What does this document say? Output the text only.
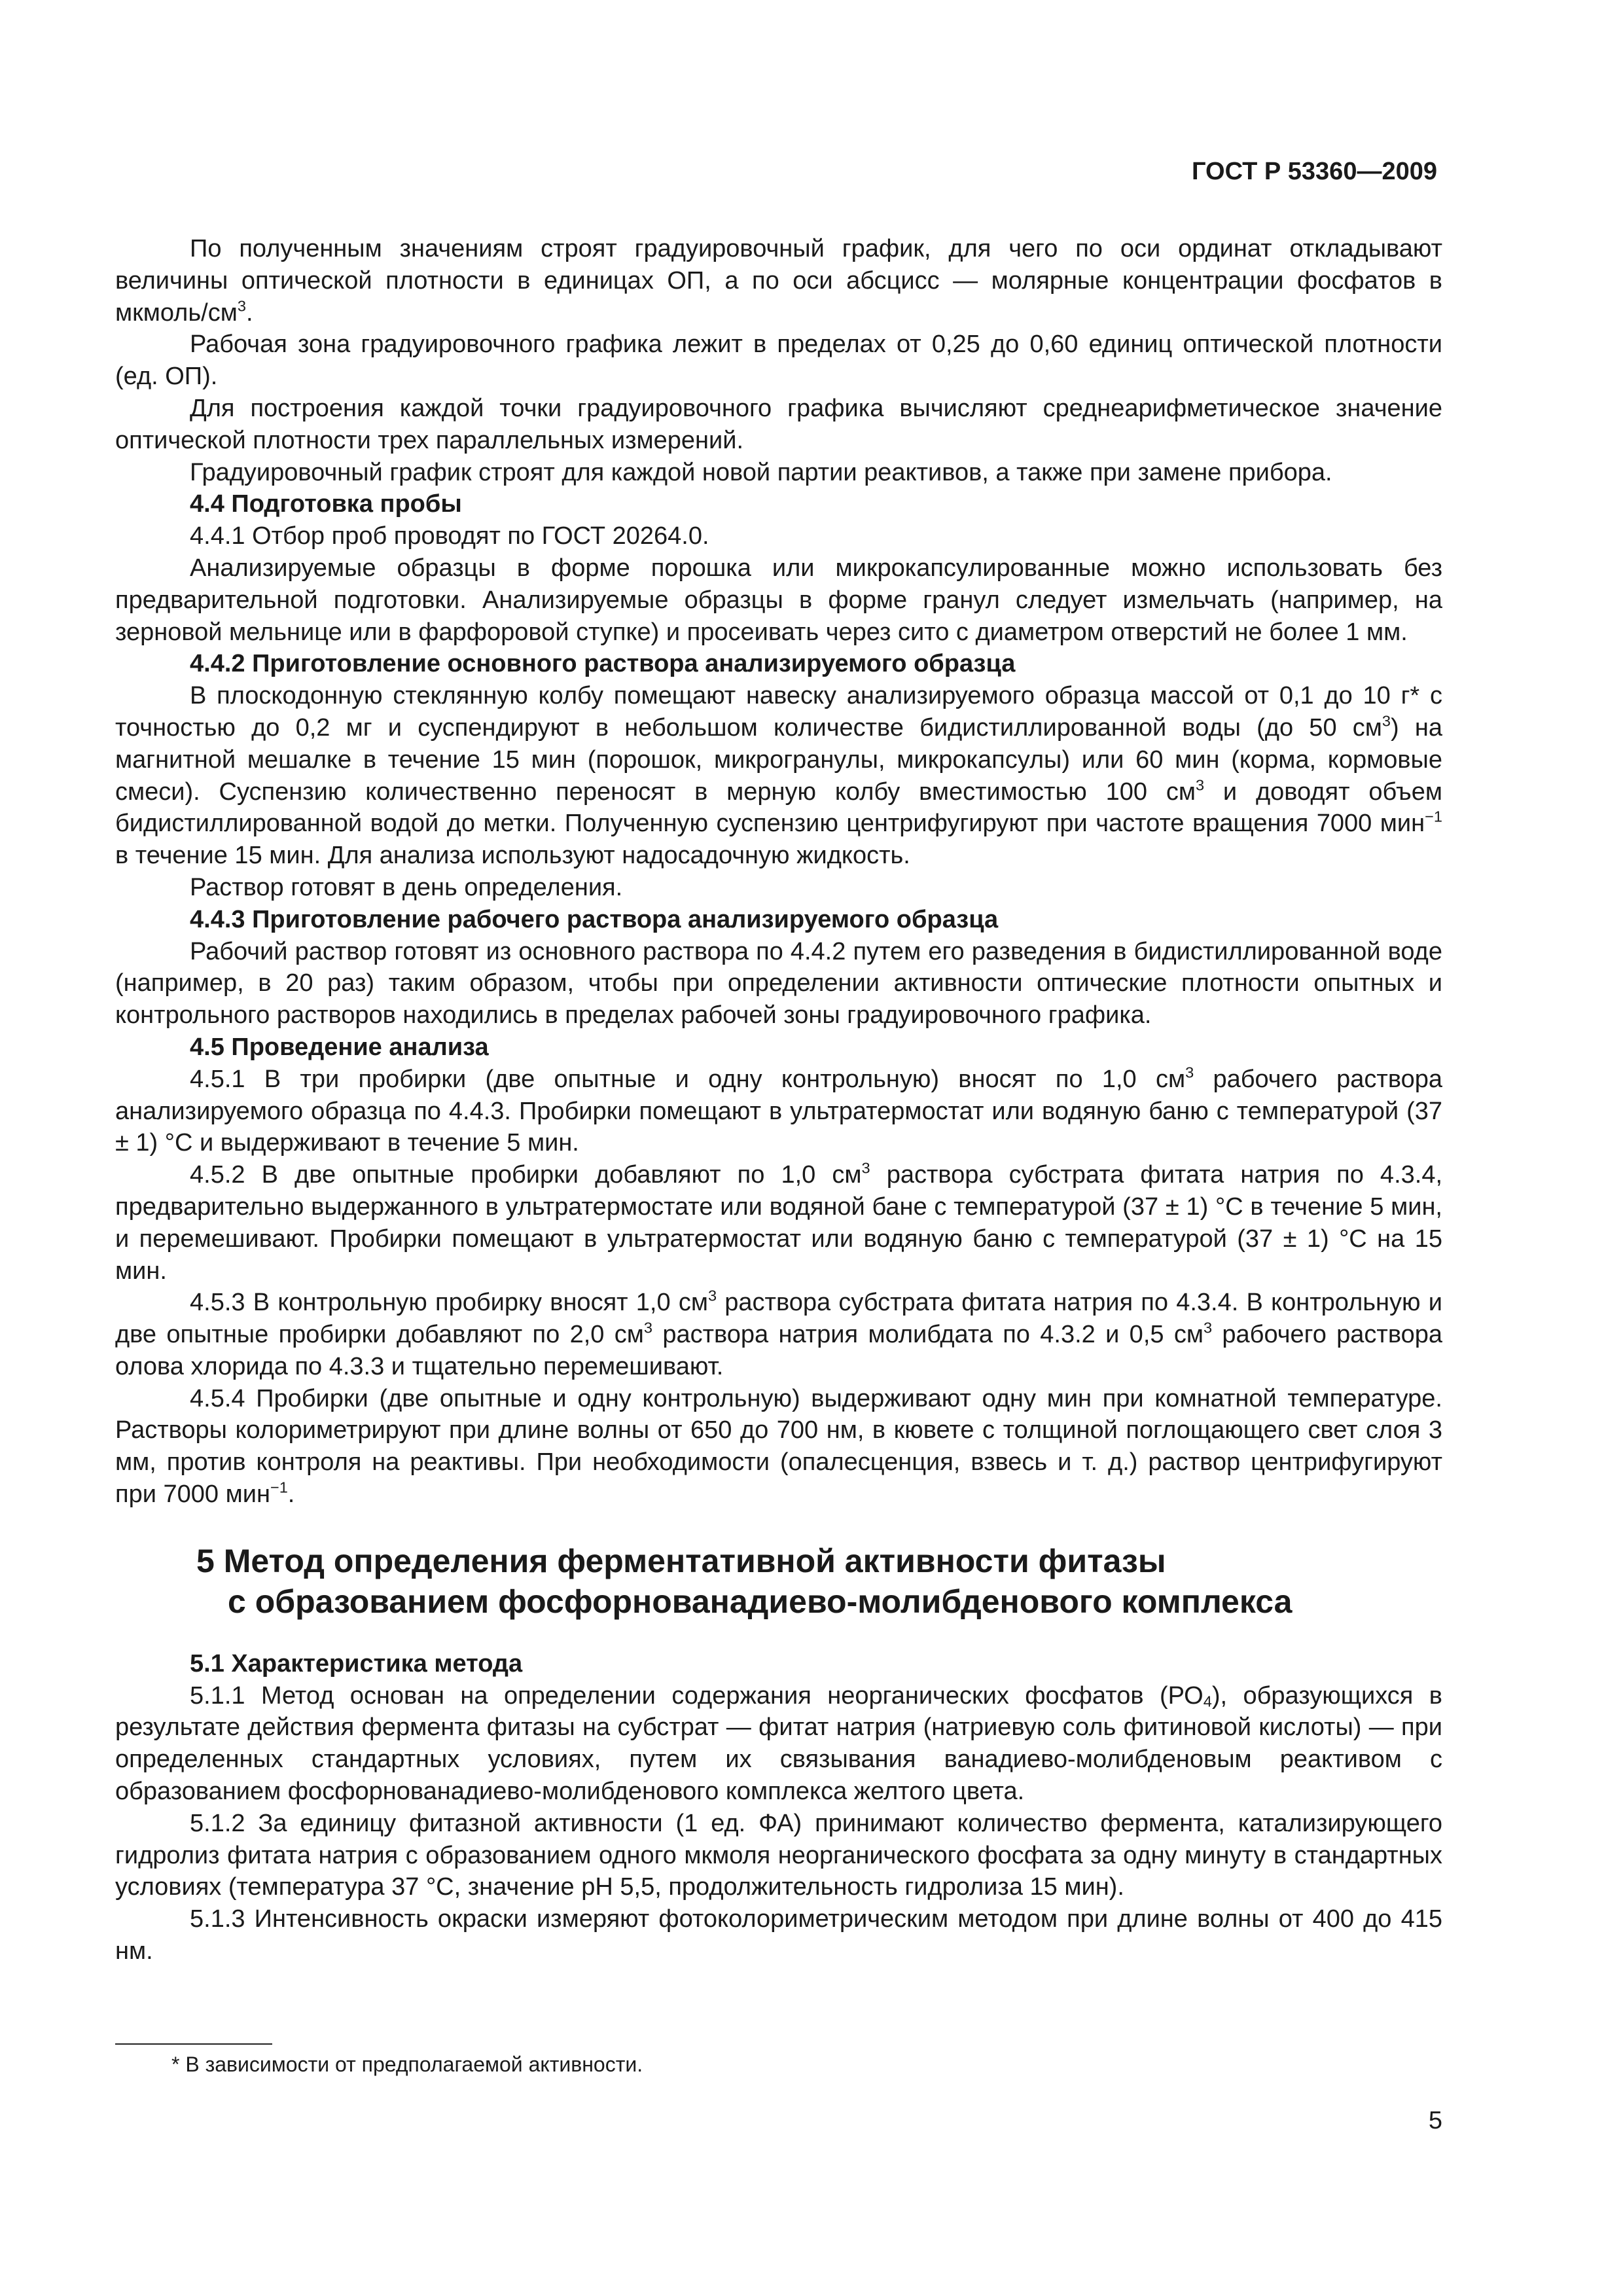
ГОСТ Р 53360—2009

По полученным значениям строят градуировочный график, для чего по оси ординат откладывают величины оптической плотности в единицах ОП, а по оси абсцисс — молярные концентрации фосфатов в мкмоль/$см^3$.

Рабочая зона градуировочного графика лежит в пределах от 0,25 до 0,60 единиц оптической плотности (ед. ОП).

Для построения каждой точки градуировочного графика вычисляют среднеарифметическое значение оптической плотности трех параллельных измерений.

Градуировочный график строят для каждой новой партии реактивов, а также при замене прибора.

4.4 Подготовка пробы

4.4.1 Отбор проб проводят по ГОСТ 20264.0.

Анализируемые образцы в форме порошка или микрокапсулированные можно использовать без предварительной подготовки. Анализируемые образцы в форме гранул следует измельчать (например, на зерновой мельнице или в фарфоровой ступке) и просеивать через сито с диаметром отверстий не более 1 мм.

4.4.2 Приготовление основного раствора анализируемого образца

В плоскодонную стеклянную колбу помещают навеску анализируемого образца массой от 0,1 до 10 г* с точностью до 0,2 мг и суспендируют в небольшом количестве бидистиллированной воды (до 50 $см^3$) на магнитной мешалке в течение 15 мин (порошок, микрогранулы, микрокапсулы) или 60 мин (корма, кормовые смеси). Суспензию количественно переносят в мерную колбу вместимостью 100 $см^3$ и доводят объем бидистиллированной водой до метки. Полученную суспензию центрифугируют при частоте вращения 7000 мин$^{-1}$ в течение 15 мин. Для анализа используют надосадочную жидкость.

Раствор готовят в день определения.

4.4.3 Приготовление рабочего раствора анализируемого образца

Рабочий раствор готовят из основного раствора по 4.4.2 путем его разведения в бидистиллированной воде (например, в 20 раз) таким образом, чтобы при определении активности оптические плотности опытных и контрольного растворов находились в пределах рабочей зоны градуировочного графика.

4.5 Проведение анализа

4.5.1 В три пробирки (две опытные и одну контрольную) вносят по 1,0 $см^3$ рабочего раствора анализируемого образца по 4.4.3. Пробирки помещают в ультратермостат или водяную баню с температурой (37 ± 1) °С и выдерживают в течение 5 мин.

4.5.2 В две опытные пробирки добавляют по 1,0 $см^3$ раствора субстрата фитата натрия по 4.3.4, предварительно выдержанного в ультратермостате или водяной бане с температурой (37 ± 1) °С в течение 5 мин, и перемешивают. Пробирки помещают в ультратермостат или водяную баню с температурой (37 ± 1) °С на 15 мин.

4.5.3 В контрольную пробирку вносят 1,0 $см^3$ раствора субстрата фитата натрия по 4.3.4. В контрольную и две опытные пробирки добавляют по 2,0 $см^3$ раствора натрия молибдата по 4.3.2 и 0,5 $см^3$ рабочего раствора олова хлорида по 4.3.3 и тщательно перемешивают.

4.5.4 Пробирки (две опытные и одну контрольную) выдерживают одну мин при комнатной температуре. Растворы колориметрируют при длине волны от 650 до 700 нм, в кювете с толщиной поглощающего свет слоя 3 мм, против контроля на реактивы. При необходимости (опалесценция, взвесь и т. д.) раствор центрифугируют при 7000 мин$^{-1}$.

5 Метод определения ферментативной активности фитазы
с образованием фосфорнованадиево-молибденового комплекса

5.1 Характеристика метода

5.1.1 Метод основан на определении содержания неорганических фосфатов $(РО_4)$, образующихся в результате действия фермента фитазы на субстрат — фитат натрия (натриевую соль фитиновой кислоты) — при определенных стандартных условиях, путем их связывания ванадиево-молибденовым реактивом с образованием фосфорнованадиево-молибденового комплекса желтого цвета.

5.1.2 За единицу фитазной активности (1 ед. ФА) принимают количество фермента, катализирующего гидролиз фитата натрия с образованием одного мкмоля неорганического фосфата за одну минуту в стандартных условиях (температура 37 °С, значение рН 5,5, продолжительность гидролиза 15 мин).

5.1.3 Интенсивность окраски измеряют фотоколориметрическим методом при длине волны от 400 до 415 нм.

* В зависимости от предполагаемой активности.
5
